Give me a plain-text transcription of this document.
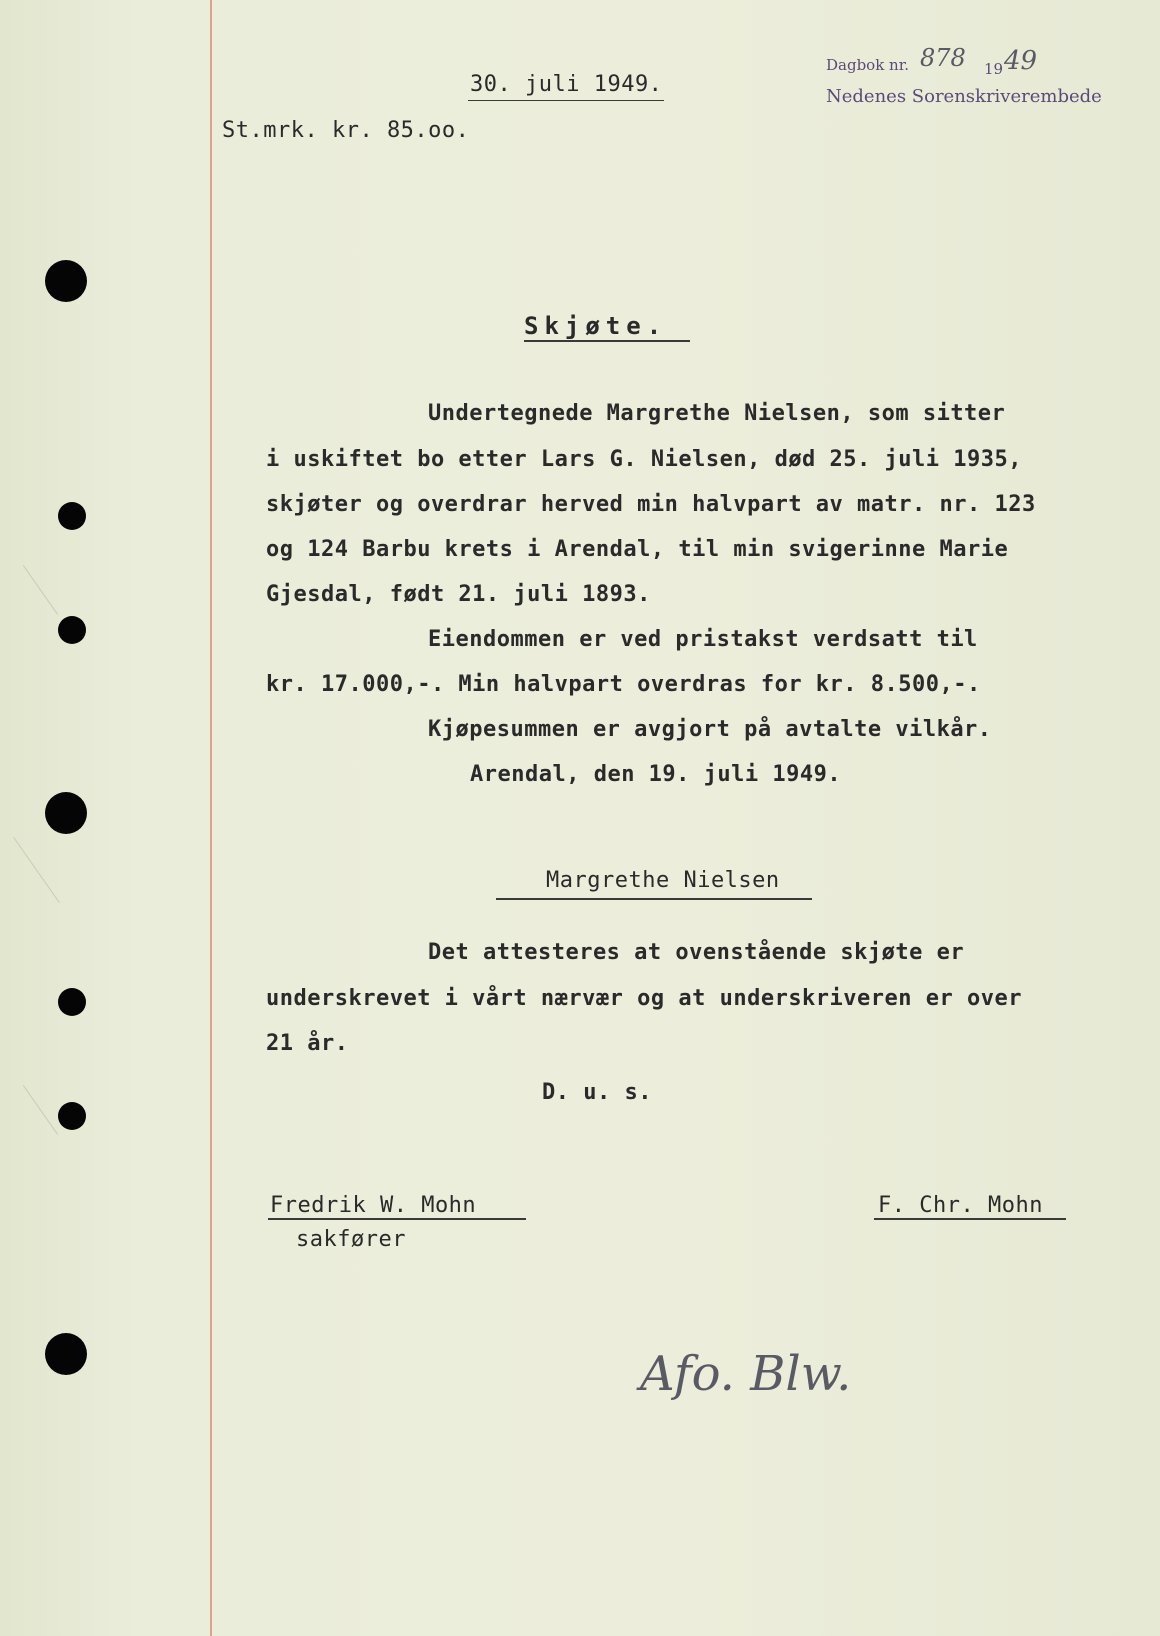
30. juli 1949.
St.mrk. kr. 85.oo.
Dagbok nr. 878 19 49
Nedenes Sorenskriverembede
Skjøte.
Undertegnede Margrethe Nielsen, som sitter
i uskiftet bo etter Lars G. Nielsen, død 25. juli 1935,
skjøter og overdrar herved min halvpart av matr. nr. 123
og 124 Barbu krets i Arendal, til min svigerinne Marie
Gjesdal, født 21. juli 1893.
Eiendommen er ved pristakst verdsatt til
kr. 17.000,-. Min halvpart overdras for kr. 8.500,-.
Kjøpesummen er avgjort på avtalte vilkår.
Arendal, den 19. juli 1949.
Margrethe Nielsen
Det attesteres at ovenstående skjøte er
underskrevet i vårt nærvær og at underskriveren er over
21 år.
D. u. s.
Fredrik W. Mohn
sakfører
F. Chr. Mohn
Afo. Blw.
